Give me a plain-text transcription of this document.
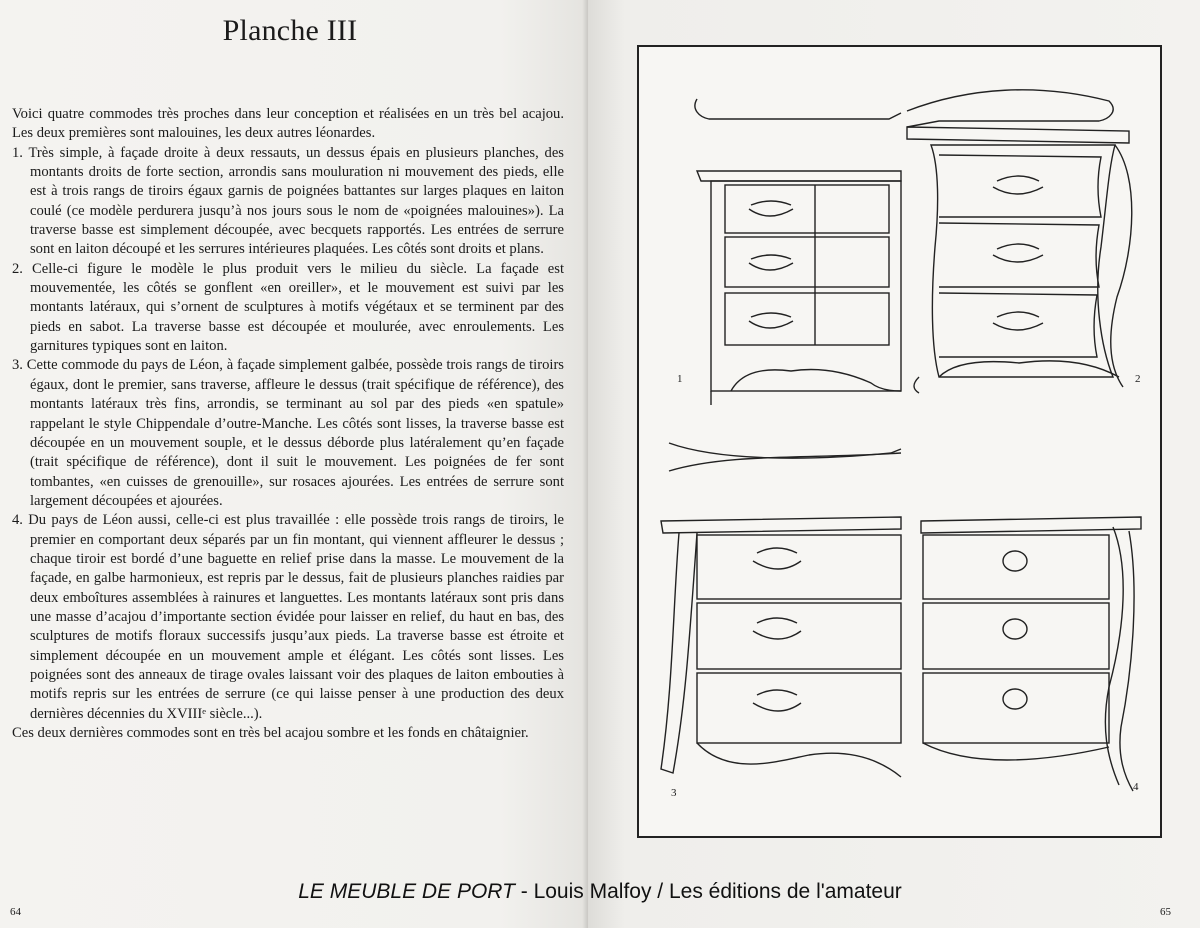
Planche III

Voici quatre commodes très proches dans leur conception et réalisées en un très bel acajou. Les deux premières sont malouines, les deux autres léonardes.

1. Très simple, à façade droite à deux ressauts, un dessus épais en plusieurs planches, des montants droits de forte section, arrondis sans mouluration ni mouvement des pieds, elle est à trois rangs de tiroirs égaux garnis de poignées battantes sur larges plaques en laiton coulé (ce modèle perdurera jusqu’à nos jours sous le nom de «poignées malouines»). La traverse basse est simplement découpée, avec becquets rapportés. Les entrées de serrure sont en laiton découpé et les serrures intérieures plaquées. Les côtés sont droits et plans.

2. Celle-ci figure le modèle le plus produit vers le milieu du siècle. La façade est mouvementée, les côtés se gonflent «en oreiller», et le mouvement est suivi par les montants latéraux, qui s’ornent de sculptures à motifs végétaux et se terminent par des pieds en sabot. La traverse basse est découpée et moulurée, avec enroulements. Les garnitures typiques sont en laiton.

3. Cette commode du pays de Léon, à façade simplement galbée, possède trois rangs de tiroirs égaux, dont le premier, sans traverse, affleure le dessus (trait spécifique de référence), des montants latéraux très fins, arrondis, se terminant au sol par des pieds «en spatule» rappelant le style Chippendale d’outre-Manche. Les côtés sont lisses, la traverse basse est découpée en un mouvement souple, et le dessus déborde plus latéralement qu’en façade (trait spécifique de référence), dont il suit le mouvement. Les poignées de fer sont tombantes, «en cuisses de grenouille», sur rosaces ajourées. Les entrées de serrure sont largement découpées et ajourées.

4. Du pays de Léon aussi, celle-ci est plus travaillée : elle possède trois rangs de tiroirs, le premier en comportant deux séparés par un fin montant, qui viennent affleurer le dessus ; chaque tiroir est bordé d’une baguette en relief prise dans la masse. Le mouvement de la façade, en galbe harmonieux, est repris par le dessus, fait de plusieurs planches raidies par deux emboîtures assemblées à rainures et languettes. Les montants latéraux sont pris dans une masse d’acajou d’importante section évidée pour laisser en relief, du haut en bas, des sculptures de motifs floraux successifs jusqu’aux pieds. La traverse basse est étroite et simplement découpée en un mouvement ample et élégant. Les côtés sont lisses. Les poignées sont des anneaux de tirage ovales laissant voir des plaques de laiton embouties à motifs repris sur les entrées de serrure (ce qui laisse penser à une production des deux dernières décennies du XVIIIᵉ siècle...).

Ces deux dernières commodes sont en très bel acajou sombre et les fonds en châtaignier.

64	65
1	2
3	4
LE MEUBLE DE PORT - Louis Malfoy / Les éditions de l'amateur
